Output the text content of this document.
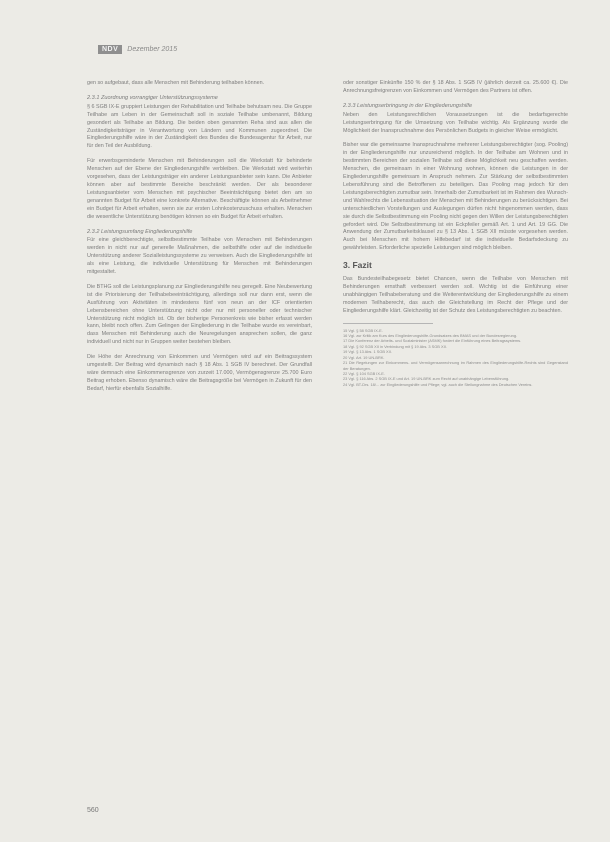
NDV	Dezember 2015
gen so aufgebaut, dass alle Menschen mit Behinderung teilhaben können.
2.3.1 Zuordnung vorrangiger Unterstützungssysteme
§ 6 SGB IX-E gruppiert Leistungen der Rehabilitation und Teilhabe behutsam neu. Die Gruppe Teilhabe am Leben in der Gemeinschaft soll in soziale Teilhabe umbenannt, Bildung gesondert als Teilhabe an Bildung. Die beiden oben genannten Reha sind aus allen die Zuständigkeitsträger in Verantwortung von Ländern und Kommunen zugeordnet. Die Eingliederungshilfe wäre in der Zuständigkeit des Bundes die Bundesagentur für Arbeit, nur für den Teil der Ausbildung.
Für erwerbsgeminderte Menschen mit Behinderungen soll die Werkstatt für behinderte Menschen auf der Ebene der Eingliederungshilfe verbleiben. Die Werkstatt wird weiterhin vorgesehen, dass der Leistungsträger ein anderer Leistungsanbieter sein kann. Die Anbieter können aber auf bestimmte Bereiche beschränkt werden. Der als besonderer Leistungsanbieter vom Menschen mit psychischer Beeinträchtigung bietet den am so genannten Budget für Arbeit eine konkrete Alternative. Beschäftigte können als Arbeitnehmer ein Budget für Arbeit erhalten, wenn sie zur ersten Lohnkostenzuschuss erhalten. Menschen die wesentliche Unterstützung benötigen können so ein Budget für Arbeit erhalten.
2.3.2 Leistungsumfang Eingliederungshilfe
Für eine gleichberechtigte, selbstbestimmte Teilhabe von Menschen mit Behinderungen werden in nicht nur auf generelle Maßnahmen, die selbsthilfe oder auf die individuelle Unterstützung anderer Sozialleistungssysteme zu verweisen. Auch die Eingliederungshilfe ist als eine Leistung, die individuelle Unterstützung für Menschen mit Behinderungen mitgestaltet.
Die BTHG soll die Leistungsplanung zur Eingliederungshilfe neu geregelt. Eine Neubewertung ist die Priorisierung der Teilhabebeeinträchtigung, allerdings soll nur dann erst, wenn die Ausführung von Aktivitäten in mindestens fünf von neun an der ICF orientierten Lebensbereichen ohne Unterstützung nicht oder nur mit personeller oder technischer Unterstützung nicht möglich ist. Ob der bisherige Personenkreis wie bisher erfasst werden kann, bleibt noch offen. Zum Gelingen der Eingliederung in die Teilhabe wurde es vereinbart, dass Menschen mit Behinderung auch die Neuregelungen ansprechen sollen, die ganz individuell und nicht nur in Gruppen weiter bestehen bleiben.
Die Höhe der Anrechnung von Einkommen und Vermögen wird auf ein Beitragssystem umgestellt. Der Beitrag wird dynamisch nach § 18 Abs. 1 SGB IV berechnet. Der Grundfall wäre demnach eine Einkommensgrenze von zurzeit 17.000, Vermögensgrenze 25.700 Euro Beitrag erhoben. Ebenso dynamisch wäre die Beitragsgröße bei Vermögen in Zukunft für den Bedarf, hierfür ebenfalls Sozialhilfe.
oder sonstiger Einkünfte 150 % der § 18 Abs. 1 SGB IV (jährlich derzeit ca. 25.600 €). Die Anrechnungsfreigrenzen von Einkommen und Vermögen des Partners ist offen.
2.3.3 Leistungserbringung in der Eingliederungshilfe
Neben den Leistungsrechtlichen Voraussetzungen ist die bedarfsgerechte Leistungserbringung für die Umsetzung von Teilhabe wichtig. Als Ergänzung wurde die Möglichkeit der Inanspruchnahme des Persönlichen Budgets in gleicher Weise ermöglicht.
Bisher war die gemeinsame Inanspruchnahme mehrerer Leistungsberechtigter (sog. Pooling) in der Eingliederungshilfe nur unzureichend möglich. In der Teilhabe am Wohnen und in bestimmten Bereichen der sozialen Teilhabe soll diese Möglichkeit neu geschaffen werden. Menschen, die gemeinsam in einer Wohnung wohnen, können die Leistungen in der Eingliederungshilfe gemeinsam in Anspruch nehmen. Zur Stärkung der selbstbestimmten Lebensführung sind die Betroffenen zu beteiligen. Das Pooling mag jedoch für den Leistungsberechtigten zumutbar sein. Innerhalb der Zumutbarkeit ist im Rahmen des Wunsch- und Wahlrechts die Lebenssituation der Menschen mit Behinderungen zu berücksichtigen. Bei unterschiedlichen Vorstellungen und Auslegungen dürfen nicht hingenommen werden, dass sie durch die Selbstbestimmung ein Pooling nicht gegen den Willen der Leistungsberechtigten gefordert wird. Die Selbstbestimmung ist ein Eckpfeiler gemäß Art. 1 und Art. 19 GG. Die Anwendung der Zumutbarkeitsklausel zu § 13 Abs. 1 SGB XII müsste vorgesehen werden. Auch bei Menschen mit hohem Hilfebedarf ist die individuelle Bedarfsdeckung zu gewährleisten. Erforderliche spezielle Leistungen sind möglich bleiben.
3. Fazit
Das Bundesteilhabegesetz bietet Chancen, wenn die Teilhabe von Menschen mit Behinderungen ernsthaft verbessert werden soll. Wichtig ist die Einführung einer unabhängigen Teilhabeberatung und die Weiterentwicklung der Eingliederungshilfe zu einem modernen Teilhaberecht, das auch die Gleichstellung im Recht der Pflege und der Eingliederungshilfe klärt. Gleichzeitig ist der Schutz des Leistungsberechtigten zu beachten.
15 Vgl. § 58 SGB IX-E.
16 Vgl. zur Kritik am Kurs des Eingliederungshilfe-Grundsatzes des BMAS und der Bundesregierung.
17 Die Konferenz der Arbeits- und Sozialminister (ASMK) fordert die Einführung eines Beitragssystems.
18 Vgl. § 92 SGB XII in Verbindung mit § 19 Abs. 3 SGB XII.
19 Vgl. § 13 Abs. 1 SGB XII.
20 Vgl. Art. 19 UN-BRK.
21 Die Regelungen zur Einkommens- und Vermögensanrechnung im Rahmen des Eingliederungshilfe-Rechts sind Gegenstand der Beratungen.
22 Vgl. § 104 SGB IX-E.
23 Vgl. § 116 Abs. 2 SGB IX-E und Art. 19 UN-BRK zum Recht auf unabhängige Lebensführung.
24 Vgl. BT-Drs. 18/... zur Eingliederungshilfe und Pflege; vgl. auch die Stellungnahme des Deutschen Vereins.
560
